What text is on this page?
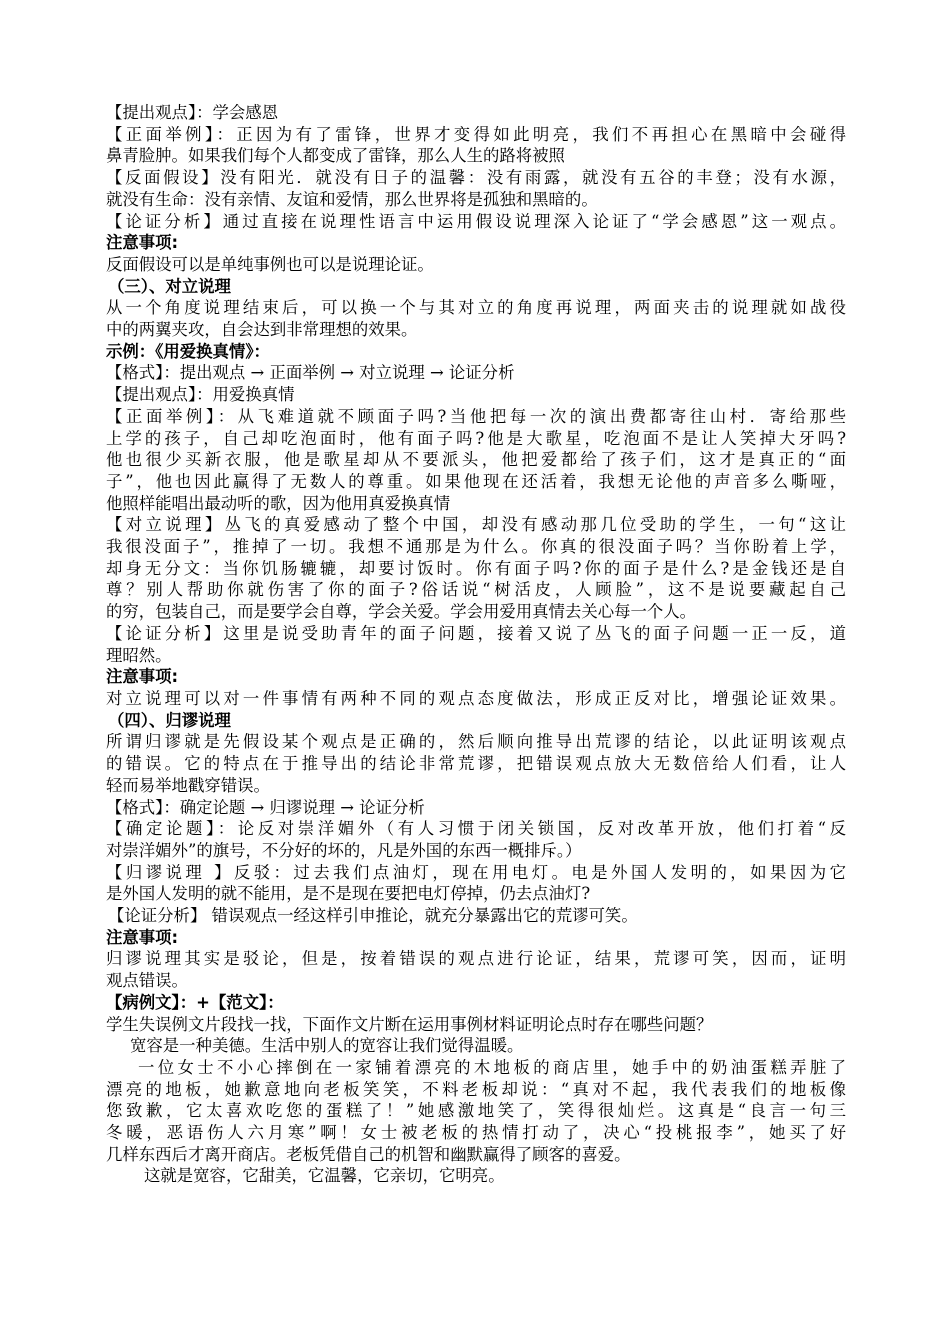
【提出观点】：学会感恩
【正面举例】：正因为有了雷锋，世界才变得如此明亮，我们不再担心在黑暗中会碰得
鼻青脸肿。如果我们每个人都变成了雷锋，那么人生的路将被照
【反面假设】没有阳光．就没有日子的温馨：没有雨露，就没有五谷的丰登；没有水源，
就没有生命：没有亲情、友谊和爱情，那么世界将是孤独和黑暗的。
【论证分析】通过直接在说理性语言中运用假设说理深入论证了“学会感恩”这一观点。
注意事项:
反面假设可以是单纯事例也可以是说理论证。
（三）、对立说理
从一个角度说理结束后，可以换一个与其对立的角度再说理，两面夹击的说理就如战役
中的两翼夹攻，自会达到非常理想的效果。
示例：《用爱换真情》：
【格式】：提出观点 → 正面举例 → 对立说理 → 论证分析
【提出观点】：用爱换真情
【正面举例】：从飞难道就不顾面子吗?当他把每一次的演出费都寄往山村．寄给那些
上学的孩子，自己却吃泡面时，他有面子吗?他是大歌星，吃泡面不是让人笑掉大牙吗?
他也很少买新衣服，他是歌星却从不要派头，他把爱都给了孩子们，这才是真正的“面
子”，他也因此赢得了无数人的尊重。如果他现在还活着，我想无论他的声音多么嘶哑，
他照样能唱出最动听的歌，因为他用真爱换真情
【对立说理】丛飞的真爱感动了整个中国，却没有感动那几位受助的学生，一句“这让
我很没面子”，推掉了一切。我想不通那是为什么。你真的很没面子吗？当你盼着上学，
却身无分文：当你饥肠辘辘，却要讨饭时。你有面子吗?你的面子是什么?是金钱还是自
尊？别人帮助你就伤害了你的面子?俗话说“树活皮，人顾脸”，这不是说要藏起自己
的穷，包装自己，而是要学会自尊，学会关爱。学会用爱用真情去关心每一个人。
【论证分析】这里是说受助青年的面子问题，接着又说了丛飞的面子问题一正一反，道
理昭然。
注意事项:
对立说理可以对一件事情有两种不同的观点态度做法，形成正反对比，增强论证效果。
（四）、归谬说理
所谓归谬就是先假设某个观点是正确的，然后顺向推导出荒谬的结论，以此证明该观点
的错误。它的特点在于推导出的结论非常荒谬，把错误观点放大无数倍给人们看，让人
轻而易举地戳穿错误。
【格式】：确定论题 → 归谬说理 → 论证分析
【确定论题】：论反对崇洋媚外（有人习惯于闭关锁国，反对改革开放，他们打着“反
对崇洋媚外”的旗号，不分好的坏的，凡是外国的东西一概排斥。）
【归谬说理 】反驳：过去我们点油灯，现在用电灯。电是外国人发明的，如果因为它
是外国人发明的就不能用，是不是现在要把电灯停掉，仍去点油灯?
【论证分析】 错误观点一经这样引申推论，就充分暴露出它的荒谬可笑。
注意事项:
归谬说理其实是驳论，但是，按着错误的观点进行论证，结果，荒谬可笑，因而，证明
观点错误。
【病例文】：+【范文】：
学生失误例文片段找一找，下面作文片断在运用事例材料证明论点时存在哪些问题？
宽容是一种美德。生活中别人的宽容让我们觉得温暖。
一位女士不小心摔倒在一家铺着漂亮的木地板的商店里，她手中的奶油蛋糕弄脏了
漂亮的地板，她歉意地向老板笑笑，不料老板却说：“真对不起，我代表我们的地板像
您致歉，它太喜欢吃您的蛋糕了！”她感激地笑了，笑得很灿烂。这真是“良言一句三
冬暖，恶语伤人六月寒”啊！女士被老板的热情打动了，决心“投桃报李”，她买了好
几样东西后才离开商店。老板凭借自己的机智和幽默赢得了顾客的喜爱。
这就是宽容，它甜美，它温馨，它亲切，它明亮。
